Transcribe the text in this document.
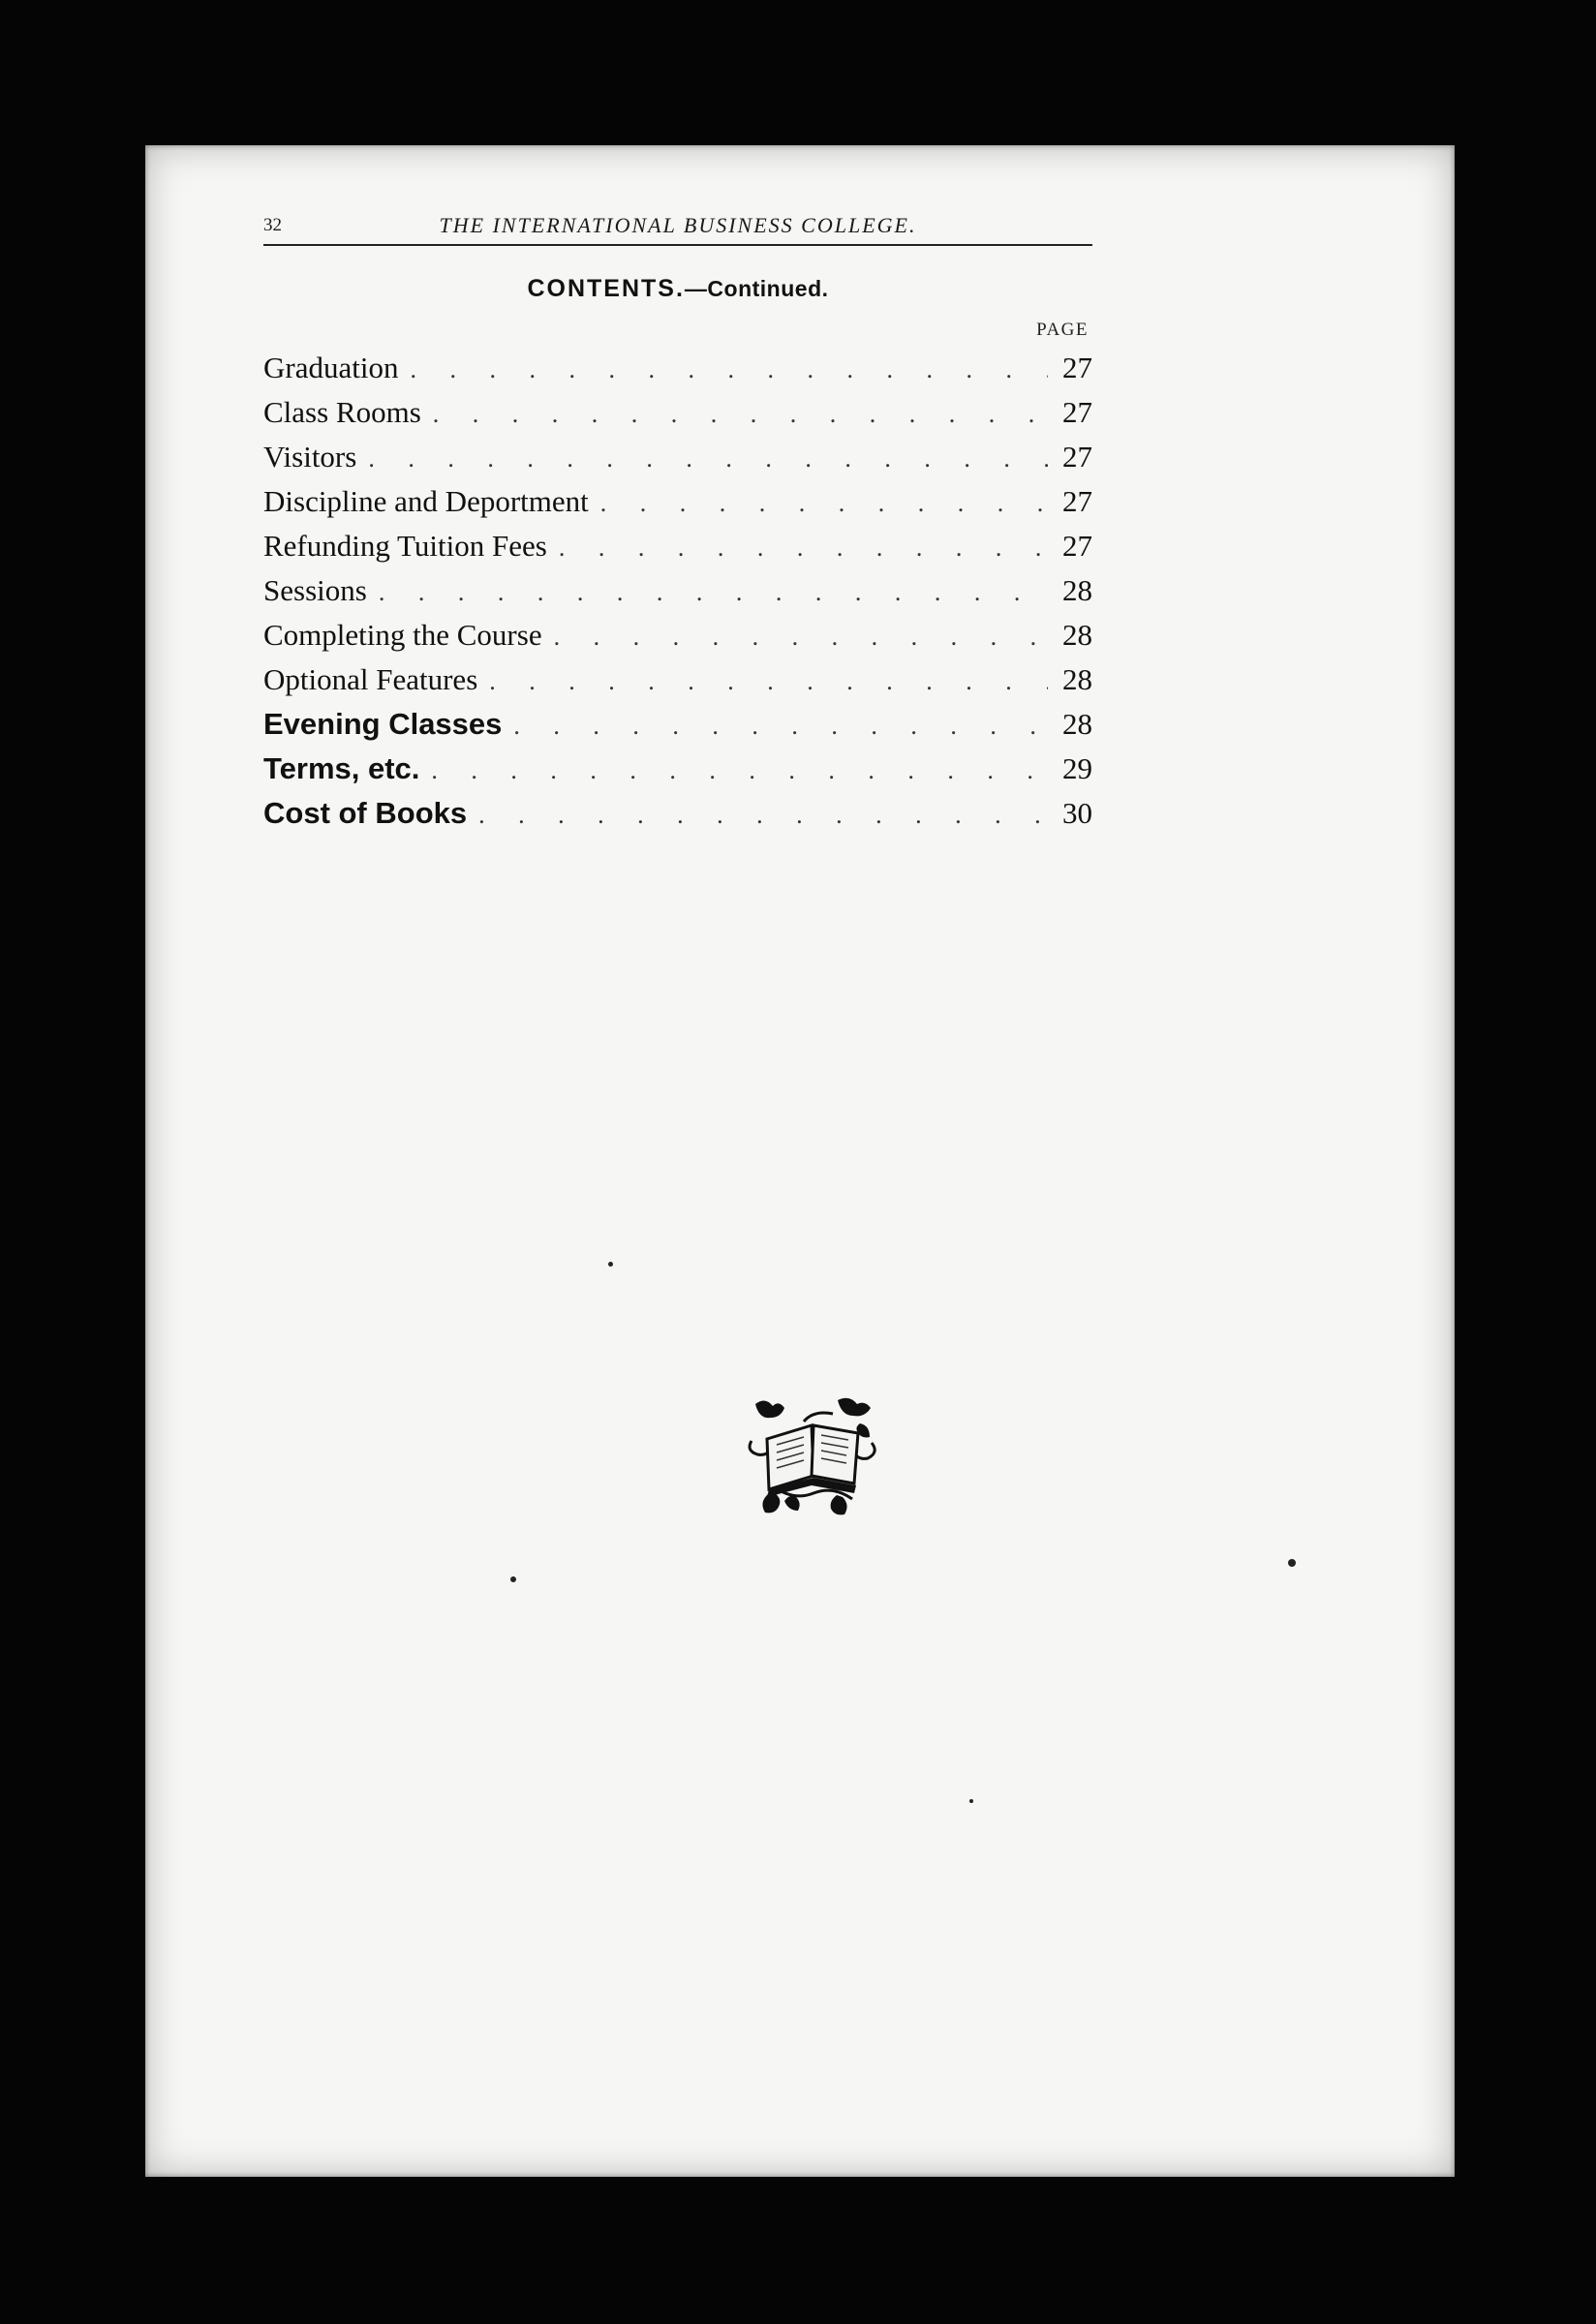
32	THE INTERNATIONAL BUSINESS COLLEGE.
CONTENTS.—Continued.
PAGE
Graduation . . .	27
Class Rooms . . .	27
Visitors . . .	27
Discipline and Deportment . . .	27
Refunding Tuition Fees . . .	27
Sessions . . .	28
Completing the Course . . .	28
Optional Features . . .	28
Evening Classes . . .	28
Terms, etc. . . .	29
Cost of Books . . .	30
